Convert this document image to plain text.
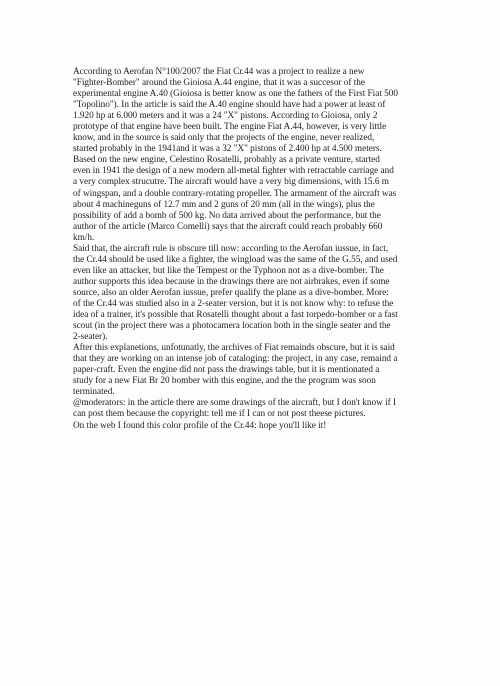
According to Aerofan N°100/2007 the Fiat Cr.44 was a project to realize a new
"Fighter-Bomber" around the Gioiosa A.44 engine, that it was a succesor of the
experimental engine A.40 (Gioiosa is better know as one the fathers of the First Fiat 500
"Topolino"). In the article is said the A.40 engine should have had a power at least of
1.920 hp at 6.000 meters and it was a 24 "X" pistons. According to Gioiosa, only 2
prototype of that engine have been built. The engine Fiat A.44, however, is very little
know, and in the source is said only that the projects of the engine, never realized,
started probably in the 1941and it was a 32 "X" pistons of 2.400 hp at 4.500 meters.
Based on the new engine, Celestino Rosatelli, probably as a private venture, started
even in 1941 the design of a new modern all-metal fighter with retractable carriage and
a very complex strucutre. The aircraft would have a very big dimensions, with 15.6 m
of wingspan, and a double contrary-rotating propeller. The armament of the aircraft was
about 4 machineguns of 12.7 mm and 2 guns of 20 mm (all in the wings), plus the
possibility of add a bomb of 500 kg. No data arrived about the performance, but the
author of the article (Marco Comelli) says that the aircraft could reach probably 660
km/h.
Said that, the aircraft rule is obscure till now: according to the Aerofan iussue, in fact,
the Cr.44 should be used like a fighter, the wingload was the same of the G.55, and used
even like an attacker, but like the Tempest or the Typhoon not as a dive-bomber. The
author supports this idea because in the drawings there are not airbrakes, even if some
source, also an older Aerofan iussue, prefer qualify the plane as a dive-bomber. More:
of the Cr.44 was studied also in a 2-seater version, but it is not know why: to refuse the
idea of a trainer, it's possible that Rosatelli thought about a fast torpedo-bomber or a fast
scout (in the project there was a photocamera location both in the single seater and the
2-seater).
After this explanetions, unfotunatly, the archives of Fiat remainds obscure, but it is said
that they are working on an intense job of cataloging: the project, in any case, remaind a
paper-craft. Even the engine did not pass the drawings table, but it is mentionated a
study for a new Fiat Br 20 bomber with this engine, and the the program was soon
terminated.
@moderators: in the article there are some drawings of the aircraft, but I don't know if I
can post them because the copyright: tell me if I can or not post theese pictures.
On the web I found this color profile of the Cr.44: hope you'll like it!
